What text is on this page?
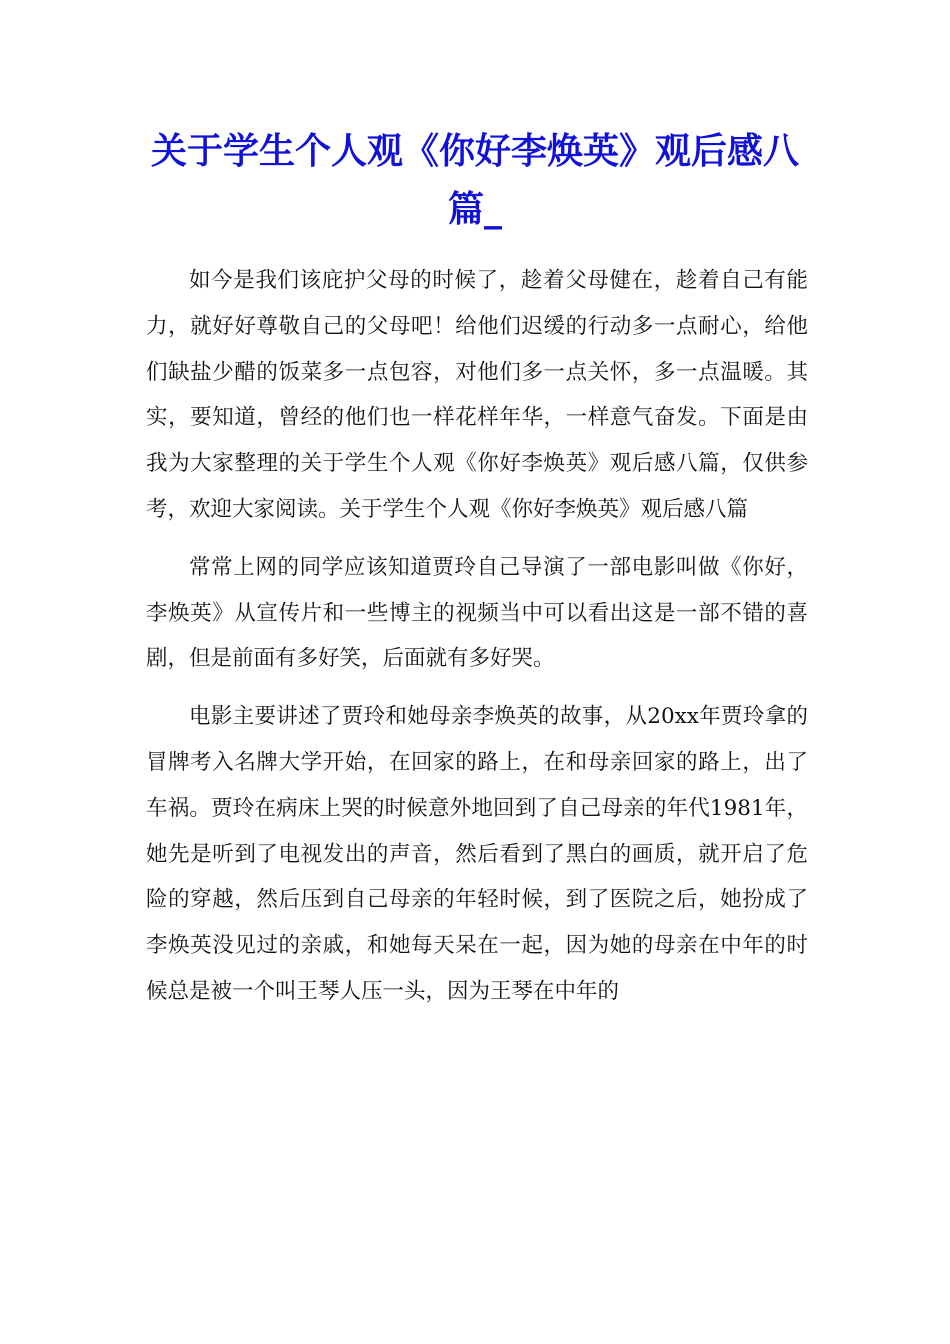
关于学生个人观《你好李焕英》观后感八篇_

如今是我们该庇护父母的时候了，趁着父母健在，趁着自己有能力，就好好尊敬自己的父母吧！给他们迟缓的行动多一点耐心，给他们缺盐少醋的饭菜多一点包容，对他们多一点关怀，多一点温暖。其实，要知道，曾经的他们也一样花样年华，一样意气奋发。下面是由我为大家整理的关于学生个人观《你好李焕英》观后感八篇，仅供参考，欢迎大家阅读。关于学生个人观《你好李焕英》观后感八篇

常常上网的同学应该知道贾玲自己导演了一部电影叫做《你好，李焕英》从宣传片和一些博主的视频当中可以看出这是一部不错的喜剧，但是前面有多好笑，后面就有多好哭。

电影主要讲述了贾玲和她母亲李焕英的故事，从20xx年贾玲拿的冒牌考入名牌大学开始，在回家的路上，在和母亲回家的路上，出了车祸。贾玲在病床上哭的时候意外地回到了自己母亲的年代1981年，她先是听到了电视发出的声音，然后看到了黑白的画质，就开启了危险的穿越，然后压到自己母亲的年轻时候，到了医院之后，她扮成了李焕英没见过的亲戚，和她每天呆在一起，因为她的母亲在中年的时候总是被一个叫王琴人压一头，因为王琴在中年的
